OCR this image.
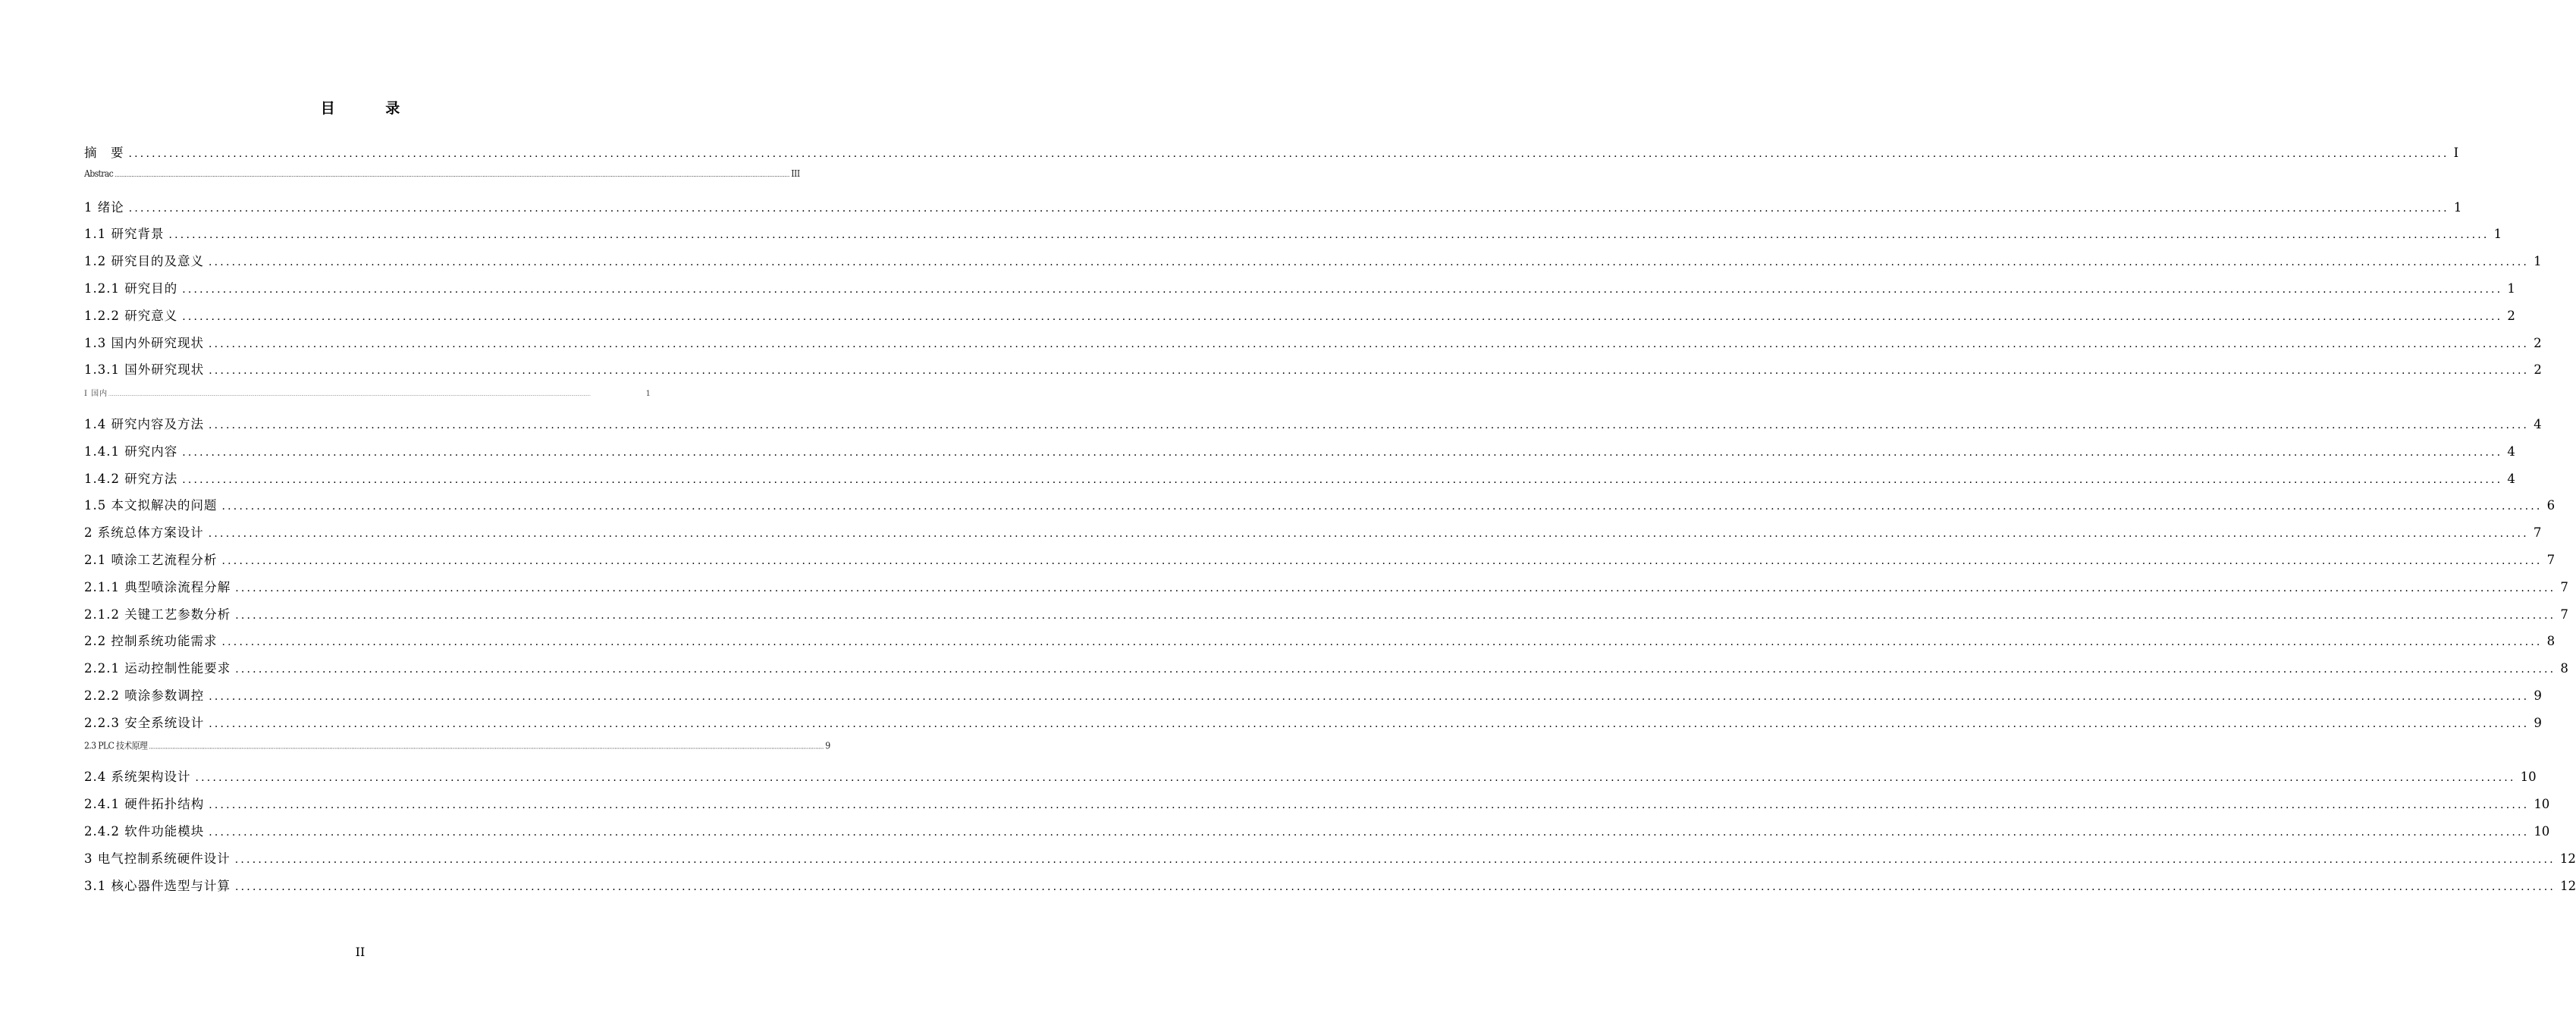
目 录
摘　要 ................................................................................................................................................................................................................................................................................................................................................................................................................ I
Abstrac ................................................................................................................................................................................................................................................................................................................................................................................................................ III
1 绪论 ................................................................................................................................................................................................................................................................................................................................................................................................................ 1
1.1 研究背景 ................................................................................................................................................................................................................................................................................................................................................................................................................ 1
1.2 研究目的及意义 ................................................................................................................................................................................................................................................................................................................................................................................................................ 1
1.2.1 研究目的 ................................................................................................................................................................................................................................................................................................................................................................................................................ 1
1.2.2 研究意义 ................................................................................................................................................................................................................................................................................................................................................................................................................ 2
1.3 国内外研究现状 ................................................................................................................................................................................................................................................................................................................................................................................................................ 2
1.3.1 国外研究现状 ................................................................................................................................................................................................................................................................................................................................................................................................................ 2
I 国内 ................................................................................................................................................................................................................................................................................................................................................................................................................	1
1.4 研究内容及方法 ................................................................................................................................................................................................................................................................................................................................................................................................................ 4
1.4.1 研究内容 ................................................................................................................................................................................................................................................................................................................................................................................................................ 4
1.4.2 研究方法 ................................................................................................................................................................................................................................................................................................................................................................................................................ 4
1.5 本文拟解决的问题 ................................................................................................................................................................................................................................................................................................................................................................................................................ 6
2 系统总体方案设计 ................................................................................................................................................................................................................................................................................................................................................................................................................ 7
2.1 喷涂工艺流程分析 ................................................................................................................................................................................................................................................................................................................................................................................................................ 7
2.1.1 典型喷涂流程分解 ................................................................................................................................................................................................................................................................................................................................................................................................................ 7
2.1.2 关键工艺参数分析 ................................................................................................................................................................................................................................................................................................................................................................................................................ 7
2.2 控制系统功能需求 ................................................................................................................................................................................................................................................................................................................................................................................................................ 8
2.2.1 运动控制性能要求 ................................................................................................................................................................................................................................................................................................................................................................................................................ 8
2.2.2 喷涂参数调控 ................................................................................................................................................................................................................................................................................................................................................................................................................ 9
2.2.3 安全系统设计 ................................................................................................................................................................................................................................................................................................................................................................................................................ 9
2.3 PLC 技术原理 ................................................................................................................................................................................................................................................................................................................................................................................................................ 9
2.4 系统架构设计 ................................................................................................................................................................................................................................................................................................................................................................................................................ 10
2.4.1 硬件拓扑结构 ................................................................................................................................................................................................................................................................................................................................................................................................................ 10
2.4.2 软件功能模块 ................................................................................................................................................................................................................................................................................................................................................................................................................ 10
3 电气控制系统硬件设计 ................................................................................................................................................................................................................................................................................................................................................................................................................ 12
3.1 核心器件选型与计算 ................................................................................................................................................................................................................................................................................................................................................................................................................ 12
II
